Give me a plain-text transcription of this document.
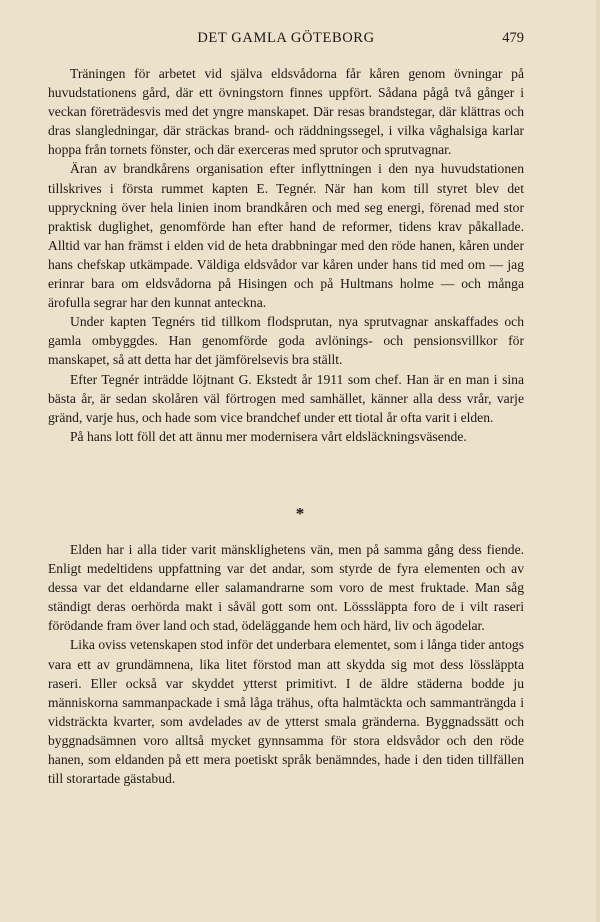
DET GAMLA GÖTEBORG	479

Träningen för arbetet vid själva eldsvådorna får kåren genom övningar på huvudstationens gård, där ett övningstorn finnes uppfört. Sådana pågå två gånger i veckan företrädesvis med det yngre manskapet. Där resas brandstegar, där klättras och dras slangledningar, där sträckas brand- och räddningssegel, i vilka våghalsiga karlar hoppa från tornets fönster, och där exerceras med sprutor och sprutvagnar.

Äran av brandkårens organisation efter inflyttningen i den nya huvudstationen tillskrives i första rummet kapten E. Tegnér. När han kom till styret blev det uppryckning över hela linien inom brandkåren och med seg energi, förenad med stor praktisk duglighet, genomförde han efter hand de reformer, tidens krav påkallade. Alltid var han främst i elden vid de heta drabbningar med den röde hanen, kåren under hans chefskap utkämpade. Väldiga eldsvådor var kåren under hans tid med om — jag erinrar bara om eldsvådorna på Hisingen och på Hultmans holme — och många ärofulla segrar har den kunnat anteckna.

Under kapten Tegnérs tid tillkom flodsprutan, nya sprutvagnar anskaffades och gamla ombyggdes. Han genomförde goda avlönings- och pensionsvillkor för manskapet, så att detta har det jämförelsevis bra ställt.

Efter Tegnér inträdde löjtnant G. Ekstedt år 1911 som chef. Han är en man i sina bästa år, är sedan skolåren väl förtrogen med samhället, känner alla dess vrår, varje gränd, varje hus, och hade som vice brandchef under ett tiotal år ofta varit i elden.

På hans lott föll det att ännu mer modernisera vårt eldsläckningsväsende.

*

Elden har i alla tider varit mänsklighetens vän, men på samma gång dess fiende. Enligt medeltidens uppfattning var det andar, som styrde de fyra elementen och av dessa var det eldandarne eller salamandrarne som voro de mest fruktade. Man såg ständigt deras oerhörda makt i såväl gott som ont. Lösssläppta foro de i vilt raseri förödande fram över land och stad, ödeläggande hem och härd, liv och ägodelar.

Lika oviss vetenskapen stod inför det underbara elementet, som i långa tider antogs vara ett av grundämnena, lika litet förstod man att skydda sig mot dess lössläppta raseri. Eller också var skyddet ytterst primitivt. I de äldre städerna bodde ju människorna sammanpackade i små låga trähus, ofta halmtäckta och sammanträngda i vidsträckta kvarter, som avdelades av de ytterst smala gränderna. Byggnadssätt och byggnadsämnen voro alltså mycket gynnsamma för stora eldsvådor och den röde hanen, som eldanden på ett mera poetiskt språk benämndes, hade i den tiden tillfällen till storartade gästabud.
